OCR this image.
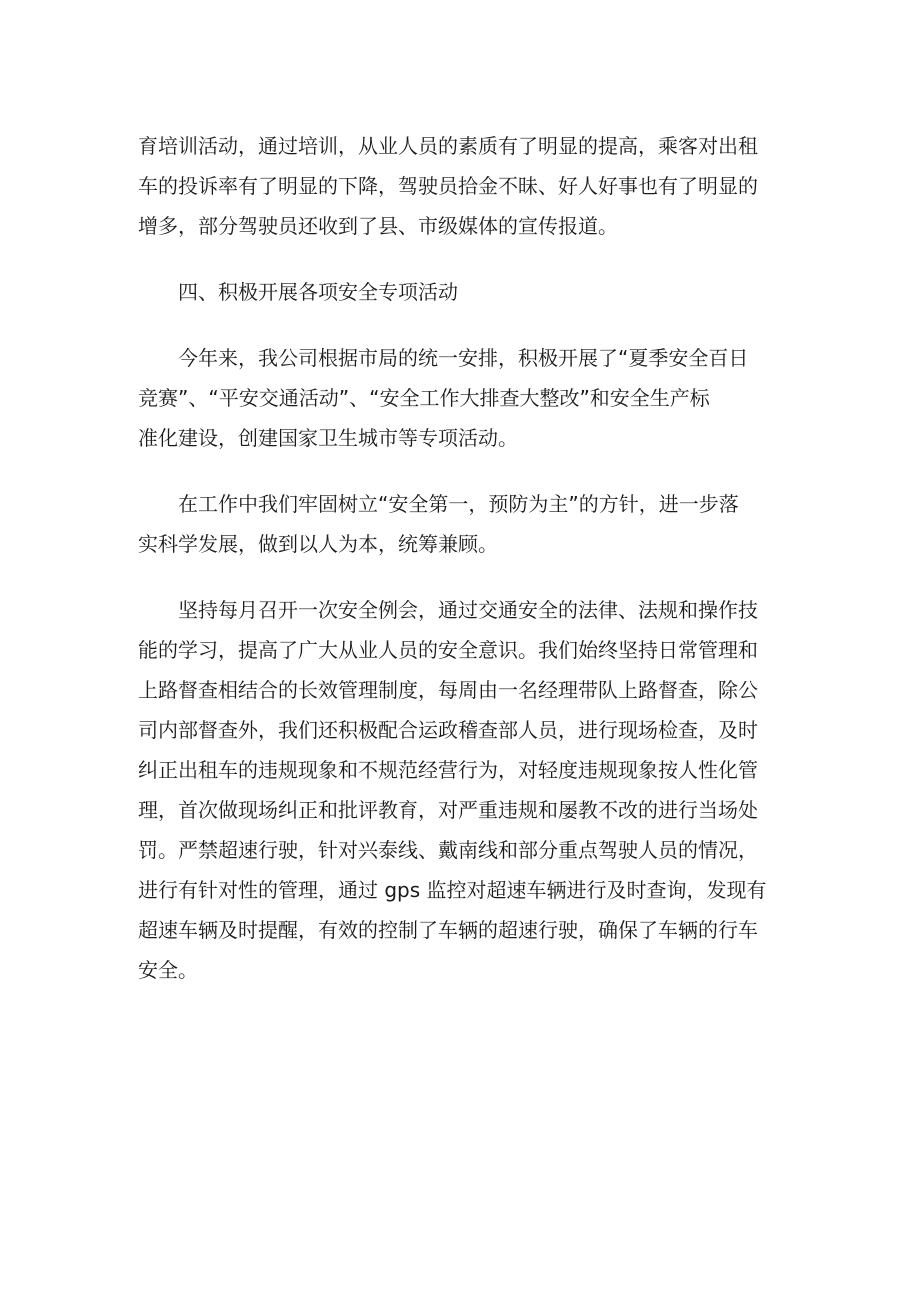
育培训活动，通过培训，从业人员的素质有了明显的提高，乘客对出租
车的投诉率有了明显的下降，驾驶员拾金不昧、好人好事也有了明显的
增多，部分驾驶员还收到了县、市级媒体的宣传报道。
四、积极开展各项安全专项活动
今年来，我公司根据市局的统一安排，积极开展了“夏季安全百日
竞赛”、“平安交通活动”、“安全工作大排查大整改”和安全生产标
准化建设，创建国家卫生城市等专项活动。
在工作中我们牢固树立“安全第一，预防为主”的方针，进一步落
实科学发展，做到以人为本，统筹兼顾。
坚持每月召开一次安全例会，通过交通安全的法律、法规和操作技
能的学习，提高了广大从业人员的安全意识。我们始终坚持日常管理和
上路督查相结合的长效管理制度，每周由一名经理带队上路督查，除公
司内部督查外，我们还积极配合运政稽查部人员，进行现场检查，及时
纠正出租车的违规现象和不规范经营行为，对轻度违规现象按人性化管
理，首次做现场纠正和批评教育，对严重违规和屡教不改的进行当场处
罚。严禁超速行驶，针对兴泰线、戴南线和部分重点驾驶人员的情况，
进行有针对性的管理，通过 gps 监控对超速车辆进行及时查询，发现有
超速车辆及时提醒，有效的控制了车辆的超速行驶，确保了车辆的行车
安全。
